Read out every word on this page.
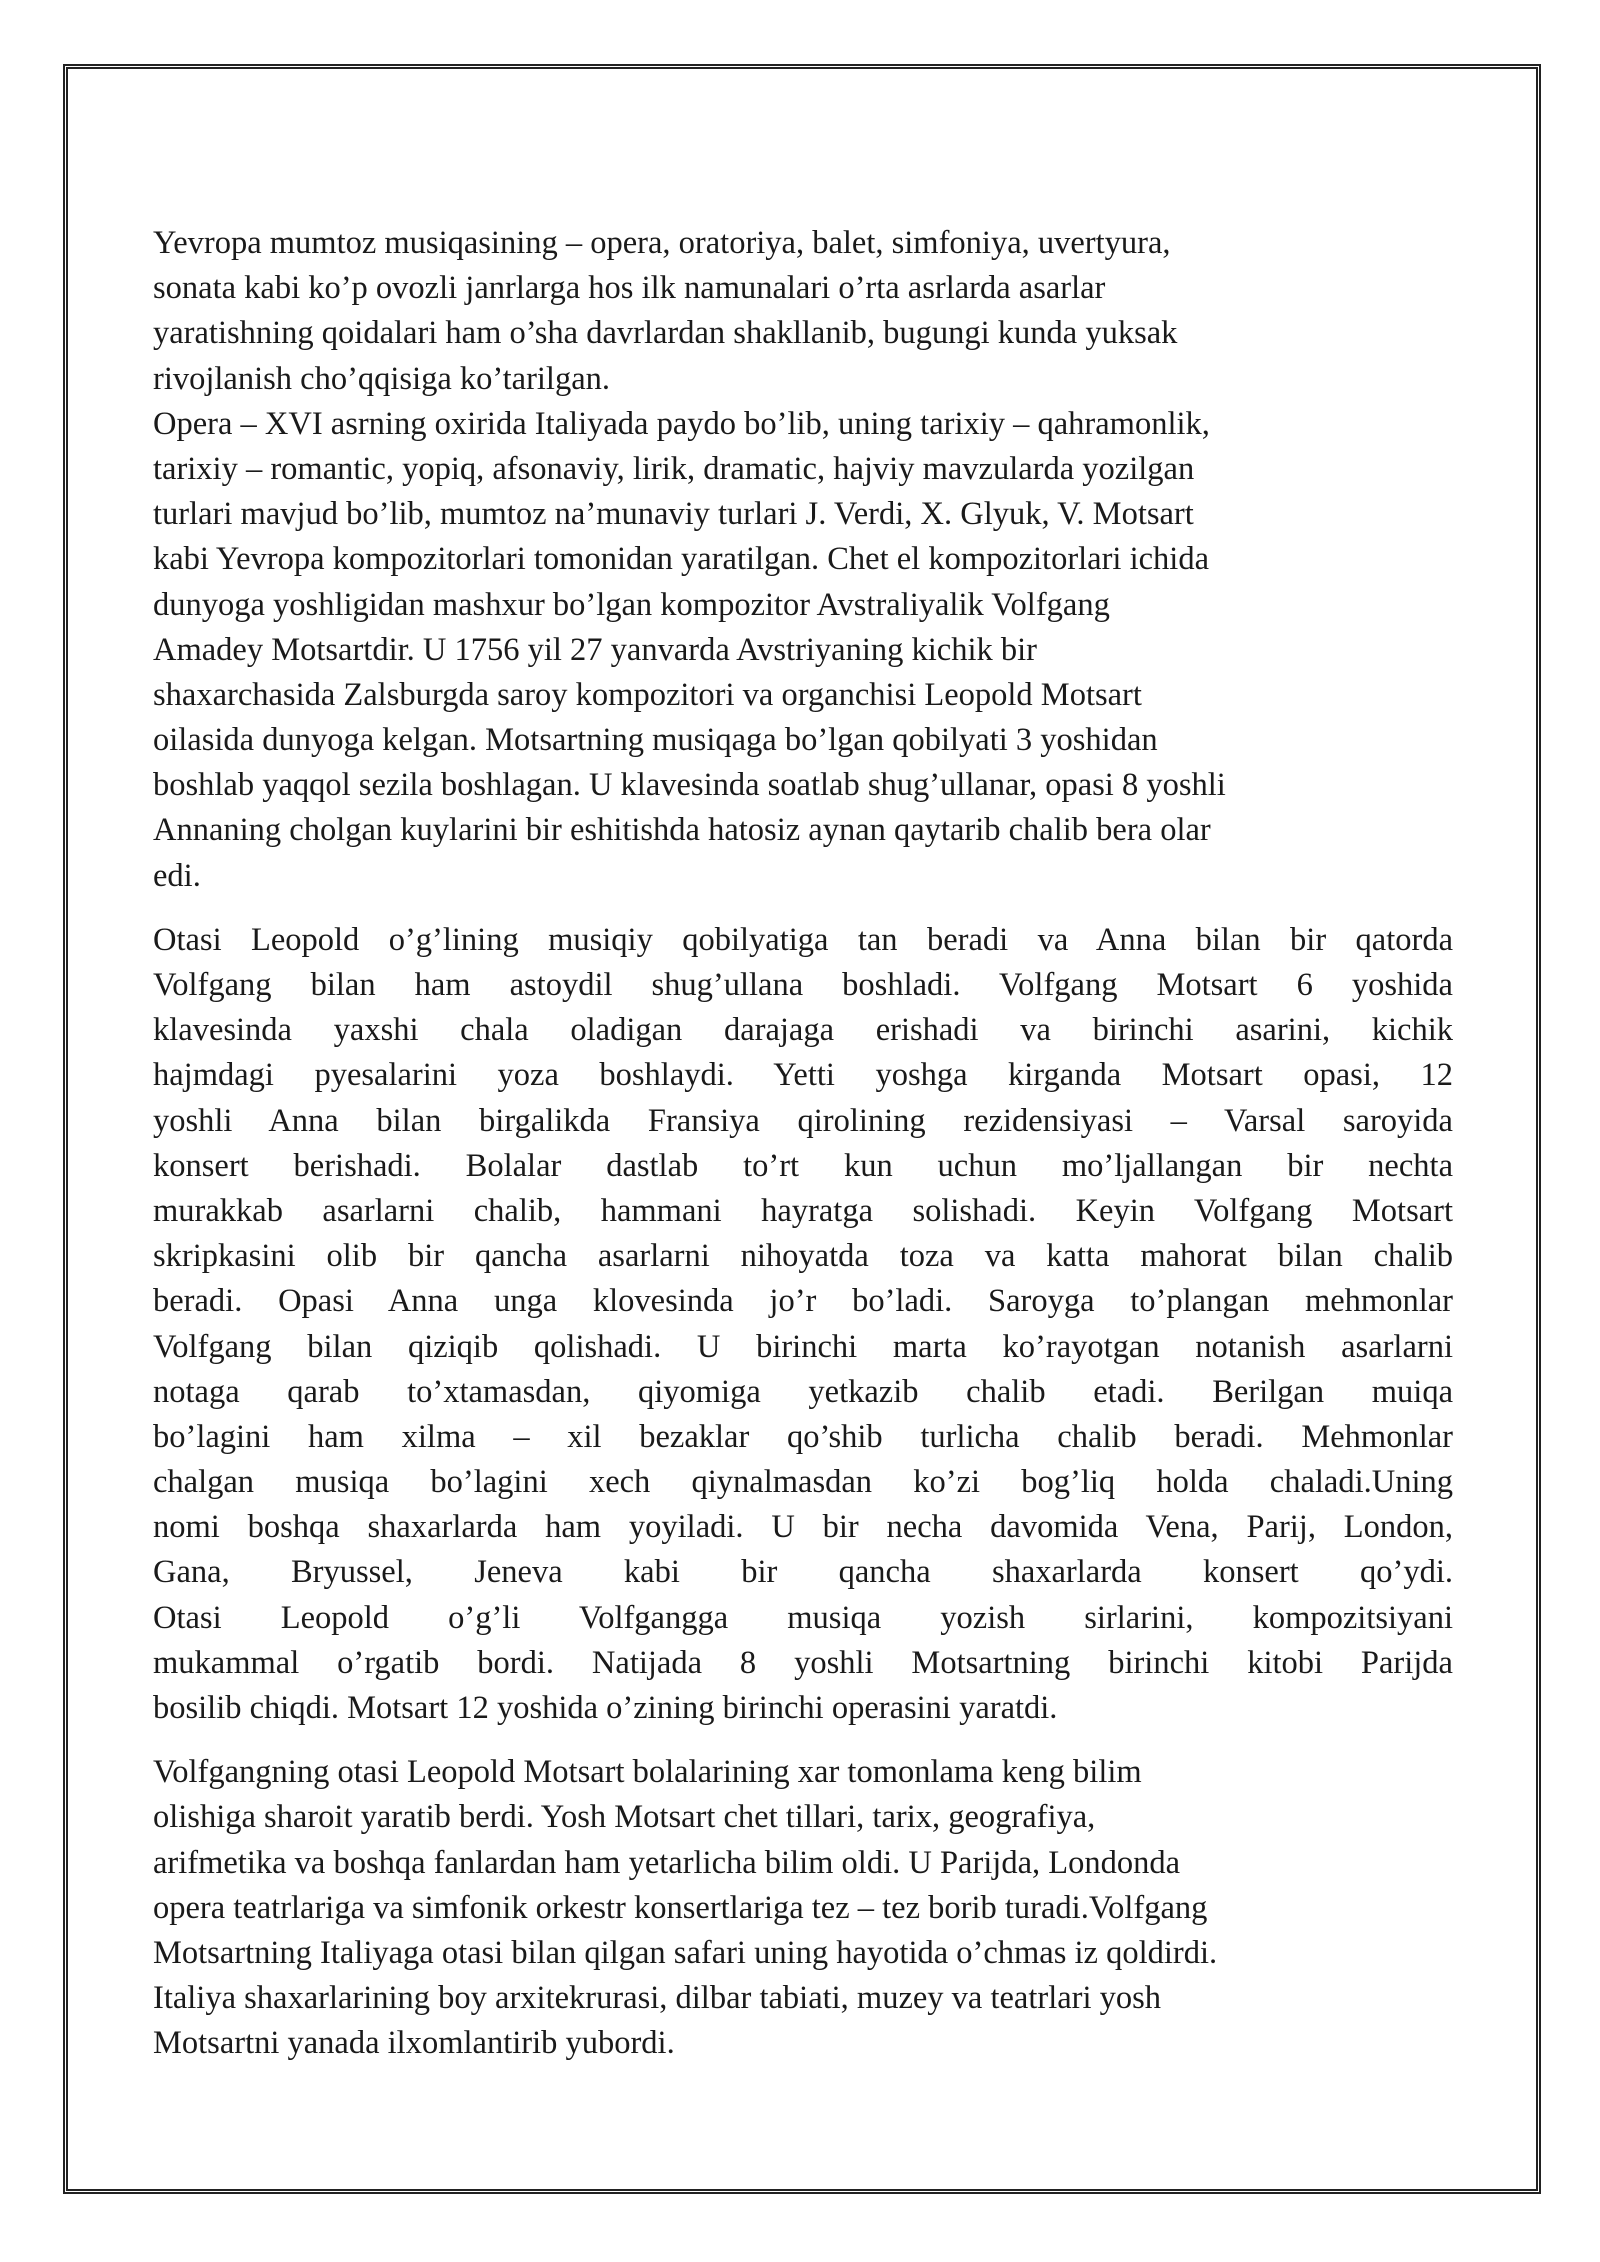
Yevropa mumtoz musiqasining – opera, oratoriya, balet, simfoniya, uvertyura,
sonata kabi ko’p ovozli janrlarga hos ilk namunalari o’rta asrlarda asarlar
yaratishning qoidalari ham o’sha davrlardan shakllanib, bugungi kunda yuksak
rivojlanish cho’qqisiga ko’tarilgan.

Opera – XVI asrning oxirida Italiyada paydo bo’lib, uning tarixiy – qahramonlik,
tarixiy – romantic, yopiq, afsonaviy, lirik, dramatic, hajviy mavzularda yozilgan
turlari mavjud bo’lib, mumtoz na’munaviy turlari J. Verdi, X. Glyuk, V. Motsart
kabi Yevropa kompozitorlari tomonidan yaratilgan. Chet el kompozitorlari ichida
dunyoga yoshligidan mashxur bo’lgan kompozitor Avstraliyalik Volfgang
Amadey Motsartdir. U 1756 yil 27 yanvarda Avstriyaning kichik bir
shaxarchasida Zalsburgda saroy kompozitori va organchisi Leopold Motsart
oilasida dunyoga kelgan. Motsartning musiqaga bo’lgan qobilyati 3 yoshidan
boshlab yaqqol sezila boshlagan. U klavesinda soatlab shug’ullanar, opasi 8 yoshli
Annaning cholgan kuylarini bir eshitishda hatosiz aynan qaytarib chalib bera olar
edi.

Otasi Leopold o’g’lining musiqiy qobilyatiga tan beradi va Anna bilan bir qatorda
Volfgang bilan ham astoydil shug’ullana boshladi. Volfgang Motsart 6 yoshida
klavesinda yaxshi chala oladigan darajaga erishadi va birinchi asarini, kichik
hajmdagi pyesalarini yoza boshlaydi. Yetti yoshga kirganda Motsart opasi, 12
yoshli Anna bilan birgalikda Fransiya qirolining rezidensiyasi – Varsal saroyida
konsert berishadi. Bolalar dastlab to’rt kun uchun mo’ljallangan bir nechta
murakkab asarlarni chalib, hammani hayratga solishadi. Keyin Volfgang Motsart
skripkasini olib bir qancha asarlarni nihoyatda toza va katta mahorat bilan chalib
beradi. Opasi Anna unga klovesinda jo’r bo’ladi. Saroyga to’plangan mehmonlar
Volfgang bilan qiziqib qolishadi. U birinchi marta ko’rayotgan notanish asarlarni
notaga qarab to’xtamasdan, qiyomiga yetkazib chalib etadi. Berilgan muiqa
bo’lagini ham xilma – xil bezaklar qo’shib turlicha chalib beradi. Mehmonlar
chalgan musiqa bo’lagini xech qiynalmasdan ko’zi bog’liq holda chaladi.Uning
nomi boshqa shaxarlarda ham yoyiladi. U bir necha davomida Vena, Parij, London,
Gana, Bryussel, Jeneva kabi bir qancha shaxarlarda konsert qo’ydi.
Otasi Leopold o’g’li Volfgangga musiqa yozish sirlarini, kompozitsiyani
mukammal o’rgatib bordi. Natijada 8 yoshli Motsartning birinchi kitobi Parijda
bosilib chiqdi. Motsart 12 yoshida o’zining birinchi operasini yaratdi.

Volfgangning otasi Leopold Motsart bolalarining xar tomonlama keng bilim
olishiga sharoit yaratib berdi. Yosh Motsart chet tillari, tarix, geografiya,
arifmetika va boshqa fanlardan ham yetarlicha bilim oldi. U Parijda, Londonda
opera teatrlariga va simfonik orkestr konsertlariga tez – tez borib turadi.Volfgang
Motsartning Italiyaga otasi bilan qilgan safari uning hayotida o’chmas iz qoldirdi.
Italiya shaxarlarining boy arxitekrurasi, dilbar tabiati, muzey va teatrlari yosh
Motsartni yanada ilxomlantirib yubordi.
